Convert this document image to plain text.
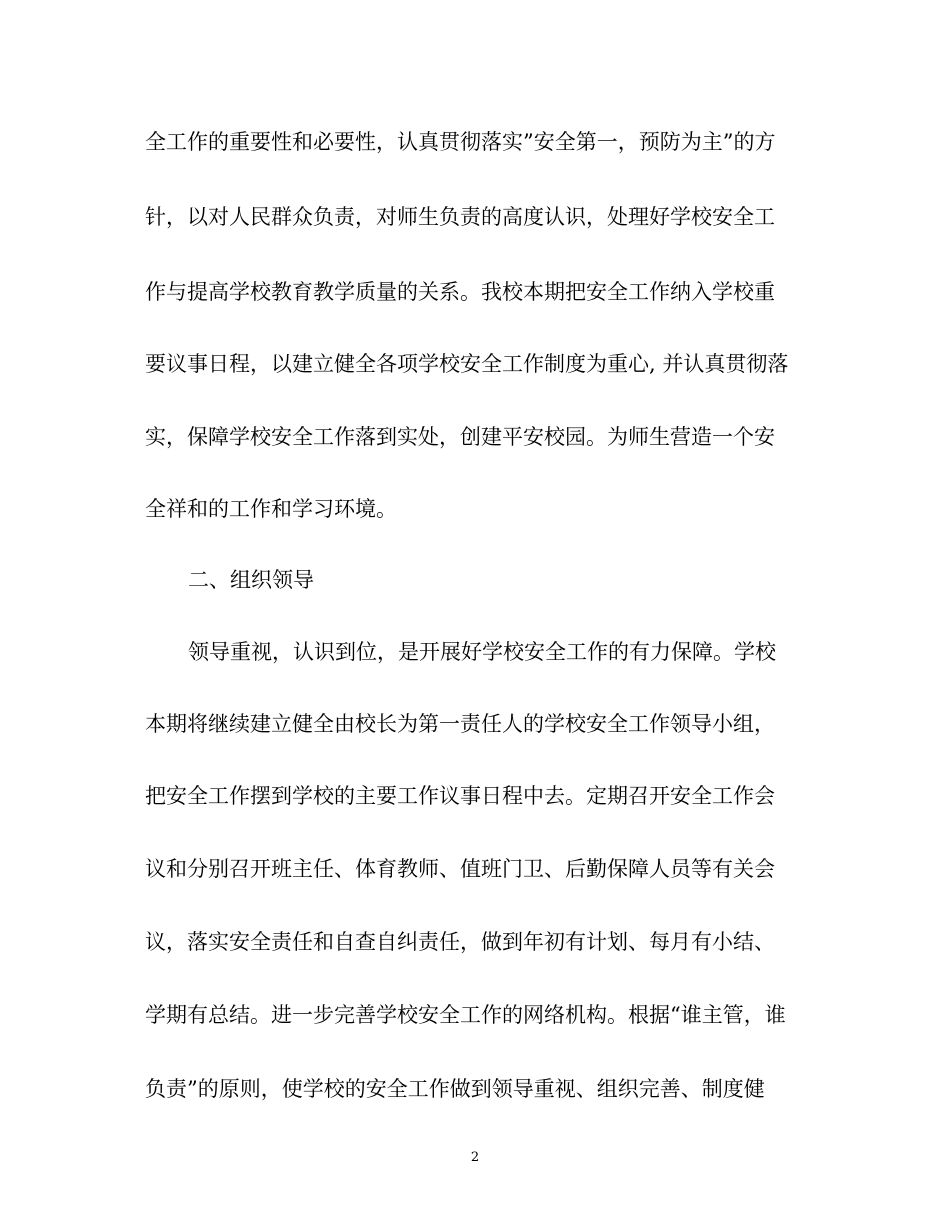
全工作的重要性和必要性，认真贯彻落实”安全第一，预防为主”的方
针，以对人民群众负责，对师生负责的高度认识，处理好学校安全工
作与提高学校教育教学质量的关系。我校本期把安全工作纳入学校重
要议事日程，以建立健全各项学校安全工作制度为重心, 并认真贯彻落
实，保障学校安全工作落到实处，创建平安校园。为师生营造一个安
全祥和的工作和学习环境。
二、组织领导
领导重视，认识到位，是开展好学校安全工作的有力保障。学校
本期将继续建立健全由校长为第一责任人的学校安全工作领导小组，
把安全工作摆到学校的主要工作议事日程中去。定期召开安全工作会
议和分别召开班主任、体育教师、值班门卫、后勤保障人员等有关会
议，落实安全责任和自查自纠责任，做到年初有计划、每月有小结、
学期有总结。进一步完善学校安全工作的网络机构。根据“谁主管，谁
负责”的原则，使学校的安全工作做到领导重视、组织完善、制度健
2
